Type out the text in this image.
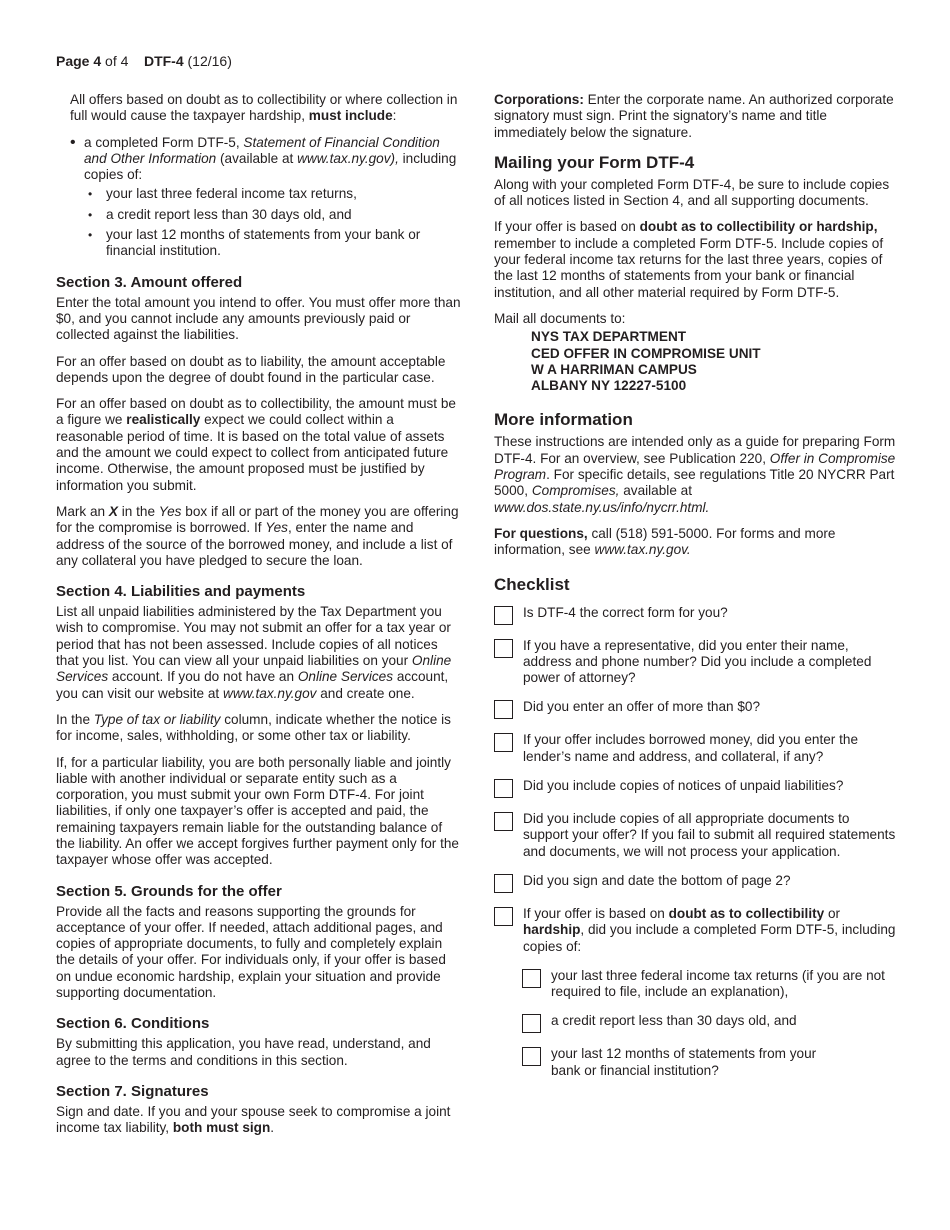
Page 4 of 4 DTF-4 (12/16)

All offers based on doubt as to collectibility or where collection in full would cause the taxpayer hardship, must include:

• a completed Form DTF-5, Statement of Financial Condition and Other Information (available at www.tax.ny.gov), including copies of:
• your last three federal income tax returns,
• a credit report less than 30 days old, and
• your last 12 months of statements from your bank or financial institution.
Section 3. Amount offered

Enter the total amount you intend to offer. You must offer more than $0, and you cannot include any amounts previously paid or collected against the liabilities.

For an offer based on doubt as to liability, the amount acceptable depends upon the degree of doubt found in the particular case.

For an offer based on doubt as to collectibility, the amount must be a figure we realistically expect we could collect within a reasonable period of time. It is based on the total value of assets and the amount we could expect to collect from anticipated future income. Otherwise, the amount proposed must be justified by information you submit.

Mark an X in the Yes box if all or part of the money you are offering for the compromise is borrowed. If Yes, enter the name and address of the source of the borrowed money, and include a list of any collateral you have pledged to secure the loan.

Section 4. Liabilities and payments

List all unpaid liabilities administered by the Tax Department you wish to compromise. You may not submit an offer for a tax year or period that has not been assessed. Include copies of all notices that you list. You can view all your unpaid liabilities on your Online Services account. If you do not have an Online Services account, you can visit our website at www.tax.ny.gov and create one.

In the Type of tax or liability column, indicate whether the notice is for income, sales, withholding, or some other tax or liability.

If, for a particular liability, you are both personally liable and jointly liable with another individual or separate entity such as a corporation, you must submit your own Form DTF-4. For joint liabilities, if only one taxpayer’s offer is accepted and paid, the remaining taxpayers remain liable for the outstanding balance of the liability. An offer we accept forgives further payment only for the taxpayer whose offer was accepted.

Section 5. Grounds for the offer

Provide all the facts and reasons supporting the grounds for acceptance of your offer. If needed, attach additional pages, and copies of appropriate documents, to fully and completely explain the details of your offer. For individuals only, if your offer is based on undue economic hardship, explain your situation and provide supporting documentation.

Section 6. Conditions

By submitting this application, you have read, understand, and agree to the terms and conditions in this section.

Section 7. Signatures

Sign and date. If you and your spouse seek to compromise a joint income tax liability, both must sign.

Corporations: Enter the corporate name. An authorized corporate signatory must sign. Print the signatory’s name and title immediately below the signature.

Mailing your Form DTF-4

Along with your completed Form DTF-4, be sure to include copies of all notices listed in Section 4, and all supporting documents.

If your offer is based on doubt as to collectibility or hardship, remember to include a completed Form DTF-5. Include copies of your federal income tax returns for the last three years, copies of the last 12 months of statements from your bank or financial institution, and all other material required by Form DTF-5.

Mail all documents to:

NYS TAX DEPARTMENT
CED OFFER IN COMPROMISE UNIT
W A HARRIMAN CAMPUS
ALBANY NY 12227-5100
More information

These instructions are intended only as a guide for preparing Form DTF-4. For an overview, see Publication 220, Offer in Compromise Program. For specific details, see regulations Title 20 NYCRR Part 5000, Compromises, available at www.dos.state.ny.us/info/nycrr.html.

For questions, call (518) 591-5000. For forms and more information, see www.tax.ny.gov.

Checklist
Is DTF-4 the correct form for you?
If you have a representative, did you enter their name, address and phone number? Did you include a completed power of attorney?
Did you enter an offer of more than $0?
If your offer includes borrowed money, did you enter the lender’s name and address, and collateral, if any?
Did you include copies of notices of unpaid liabilities?
Did you include copies of all appropriate documents to support your offer? If you fail to submit all required statements and documents, we will not process your application.
Did you sign and date the bottom of page 2?
If your offer is based on doubt as to collectibility or hardship, did you include a completed Form DTF-5, including copies of:
your last three federal income tax returns (if you are not required to file, include an explanation),
a credit report less than 30 days old, and
your last 12 months of statements from your bank or financial institution?
